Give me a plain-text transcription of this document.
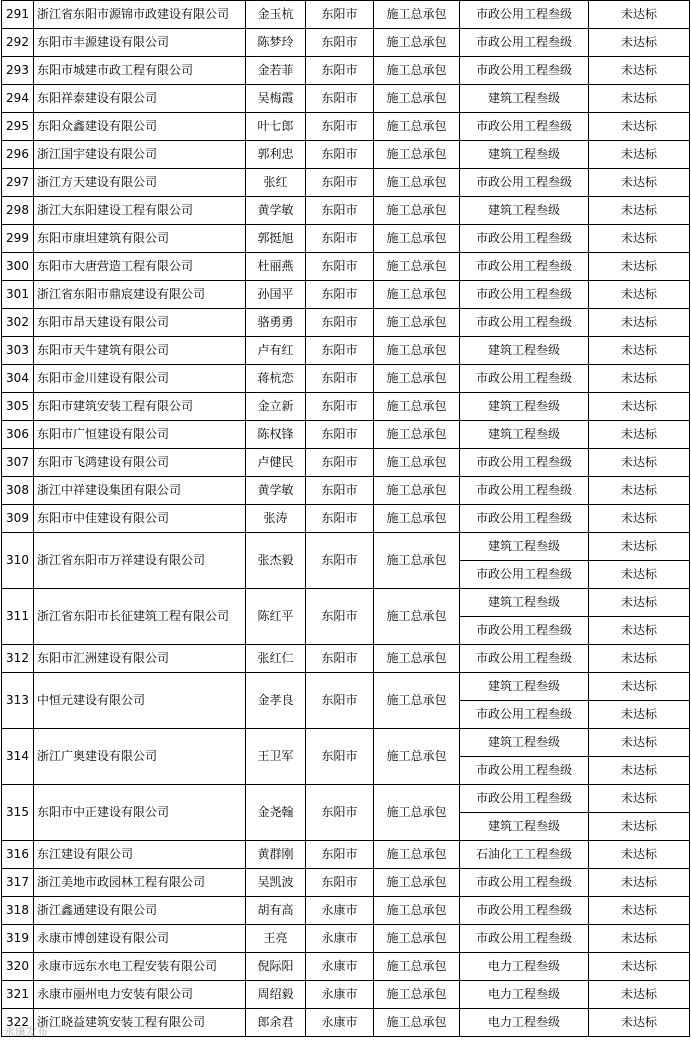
291	浙江省东阳市源锦市政建设有限公司	金玉杭	东阳市	施工总承包	市政公用工程叁级	未达标
292	东阳市丰源建设有限公司	陈梦玲	东阳市	施工总承包	市政公用工程叁级	未达标
293	东阳市城建市政工程有限公司	金若菲	东阳市	施工总承包	市政公用工程叁级	未达标
294	东阳祥泰建设有限公司	吴梅霞	东阳市	施工总承包	建筑工程叁级	未达标
295	东阳众鑫建设有限公司	叶七郎	东阳市	施工总承包	市政公用工程叁级	未达标
296	浙江国宇建设有限公司	郭利忠	东阳市	施工总承包	建筑工程叁级	未达标
297	浙江方天建设有限公司	张红	东阳市	施工总承包	市政公用工程叁级	未达标
298	浙江大东阳建设工程有限公司	黄学敏	东阳市	施工总承包	建筑工程叁级	未达标
299	东阳市康坦建筑有限公司	郭挺旭	东阳市	施工总承包	市政公用工程叁级	未达标
300	东阳市大唐营造工程有限公司	杜丽燕	东阳市	施工总承包	市政公用工程叁级	未达标
301	浙江省东阳市鼎宸建设有限公司	孙国平	东阳市	施工总承包	市政公用工程叁级	未达标
302	东阳市昂天建设有限公司	骆勇勇	东阳市	施工总承包	市政公用工程叁级	未达标
303	东阳市天牛建筑有限公司	卢有红	东阳市	施工总承包	建筑工程叁级	未达标
304	东阳市金川建设有限公司	蒋杭恋	东阳市	施工总承包	市政公用工程叁级	未达标
305	东阳市建筑安装工程有限公司	金立新	东阳市	施工总承包	建筑工程叁级	未达标
306	东阳市广恒建设有限公司	陈权锋	东阳市	施工总承包	建筑工程叁级	未达标
307	东阳市飞鸿建设有限公司	卢健民	东阳市	施工总承包	市政公用工程叁级	未达标
308	浙江中祥建设集团有限公司	黄学敏	东阳市	施工总承包	市政公用工程叁级	未达标
309	东阳市中佳建设有限公司	张涛	东阳市	施工总承包	市政公用工程叁级	未达标
310	浙江省东阳市万祥建设有限公司	张杰毅	东阳市	施工总承包	建筑工程叁级	未达标
					市政公用工程叁级	未达标
311	浙江省东阳市长征建筑工程有限公司	陈红平	东阳市	施工总承包	建筑工程叁级	未达标
					市政公用工程叁级	未达标
312	东阳市汇洲建设有限公司	张红仁	东阳市	施工总承包	市政公用工程叁级	未达标
313	中恒元建设有限公司	金孝良	东阳市	施工总承包	建筑工程叁级	未达标
					市政公用工程叁级	未达标
314	浙江广奥建设有限公司	王卫军	东阳市	施工总承包	建筑工程叁级	未达标
					市政公用工程叁级	未达标
315	东阳市中正建设有限公司	金尧翰	东阳市	施工总承包	市政公用工程叁级	未达标
					建筑工程叁级	未达标
316	东江建设有限公司	黄群刚	东阳市	施工总承包	石油化工工程叁级	未达标
317	浙江美地市政园林工程有限公司	吴凯波	东阳市	施工总承包	市政公用工程叁级	未达标
318	浙江鑫通建设有限公司	胡有高	永康市	施工总承包	市政公用工程叁级	未达标
319	永康市博创建设有限公司	王亮	永康市	施工总承包	市政公用工程叁级	未达标
320	永康市远东水电工程安装有限公司	倪际阳	永康市	施工总承包	电力工程叁级	未达标
321	永康市丽州电力安装有限公司	周绍毅	永康市	施工总承包	电力工程叁级	未达标
322	浙江晓益建筑安装工程有限公司	郎余君	永康市	施工总承包	电力工程叁级	未达标
永康发布
